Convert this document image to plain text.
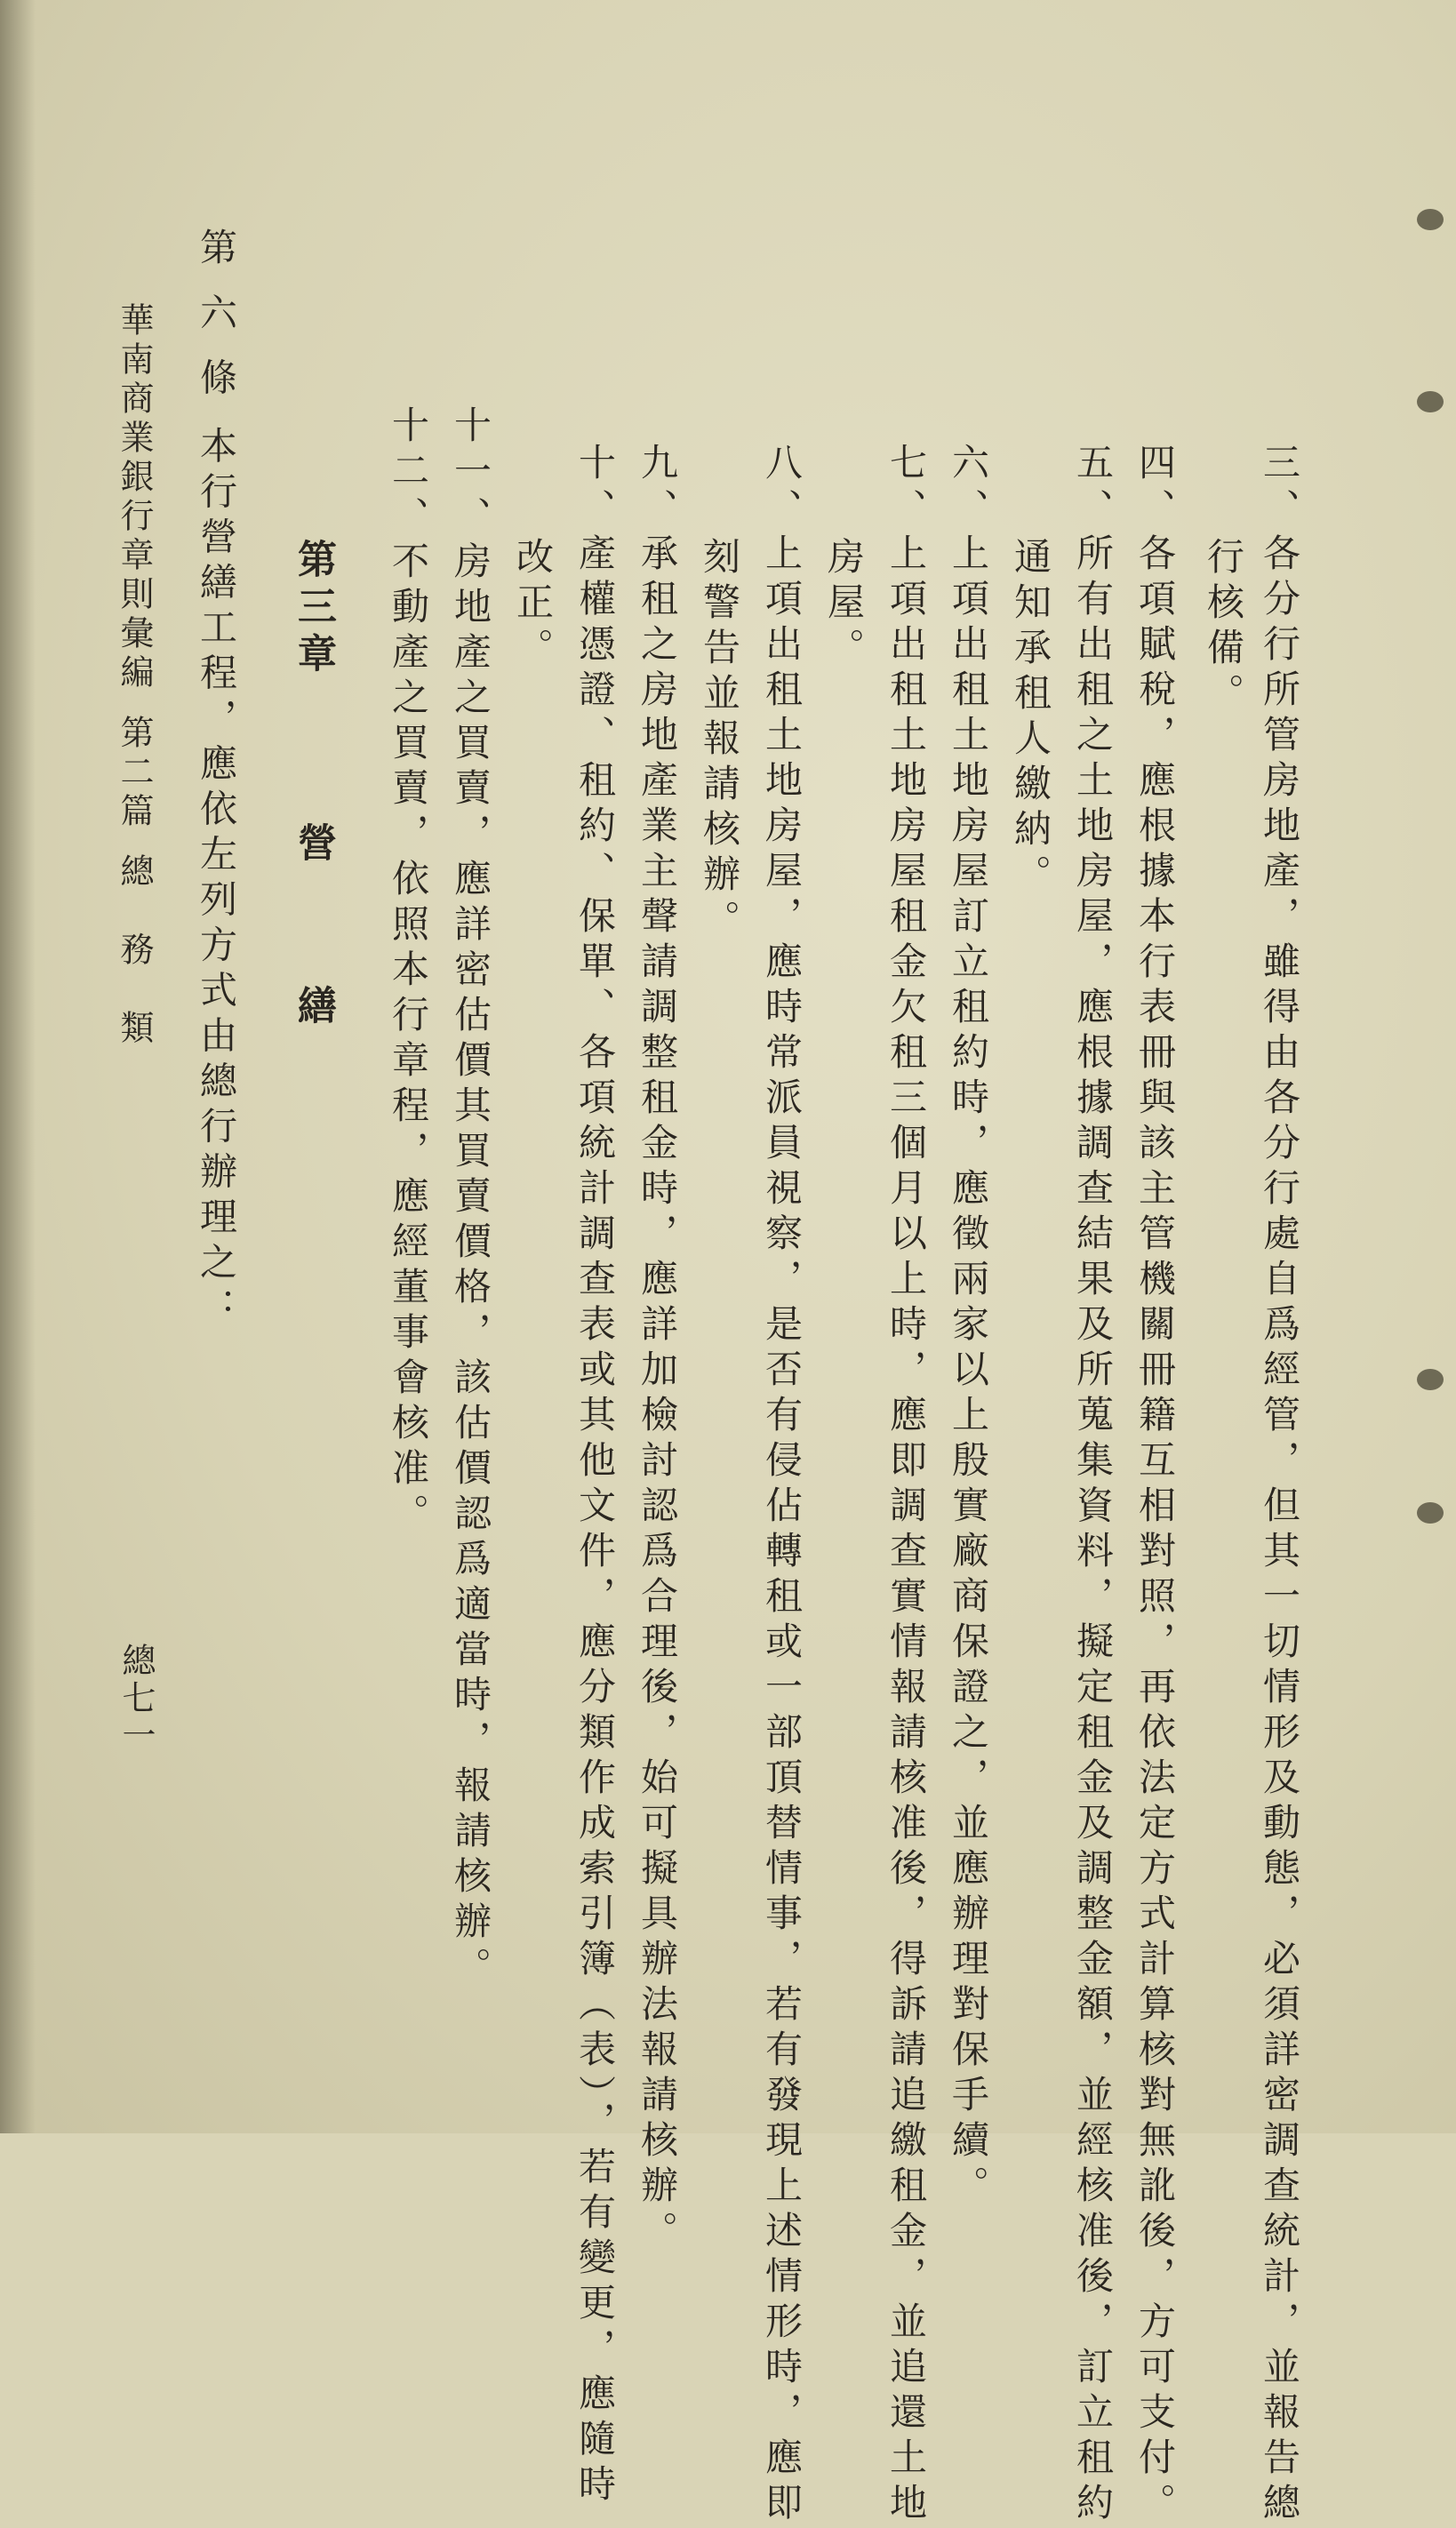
三、各分行所管房地產，雖得由各分行處自爲經管，但其一切情形及動態，必須詳密調查統計，並報告總
行核備。
四、各項賦稅，應根據本行表冊與該主管機關冊籍互相對照，再依法定方式計算核對無訛後，方可支付。
五、所有出租之土地房屋，應根據調查結果及所蒐集資料，擬定租金及調整金額，並經核准後，訂立租約
通知承租人繳納。
六、上項出租土地房屋訂立租約時，應徵兩家以上殷實廠商保證之，並應辦理對保手續。
七、上項出租土地房屋租金欠租三個月以上時，應即調查實情報請核准後，得訴請追繳租金，並追還土地
房屋。
八、上項出租土地房屋，應時常派員視察，是否有侵佔轉租或一部頂替情事，若有發現上述情形時，應即
刻警告並報請核辦。
九、承租之房地產業主聲請調整租金時，應詳加檢討認爲合理後，始可擬具辦法報請核辦。
十、產權憑證、租約、保單、各項統計調查表或其他文件，應分類作成索引簿（表），若有變更，應隨時
改正。
十一、房地產之買賣，應詳密估價其買賣價格，該估價認爲適當時，報請核辦。
十二、不動產之買賣，依照本行章程，應經董事會核准。
第三章營繕
第 六 條本行營繕工程，應依左列方式由總行辦理之：
華南商業銀行章則彙編第二篇總　務　類
總七一
